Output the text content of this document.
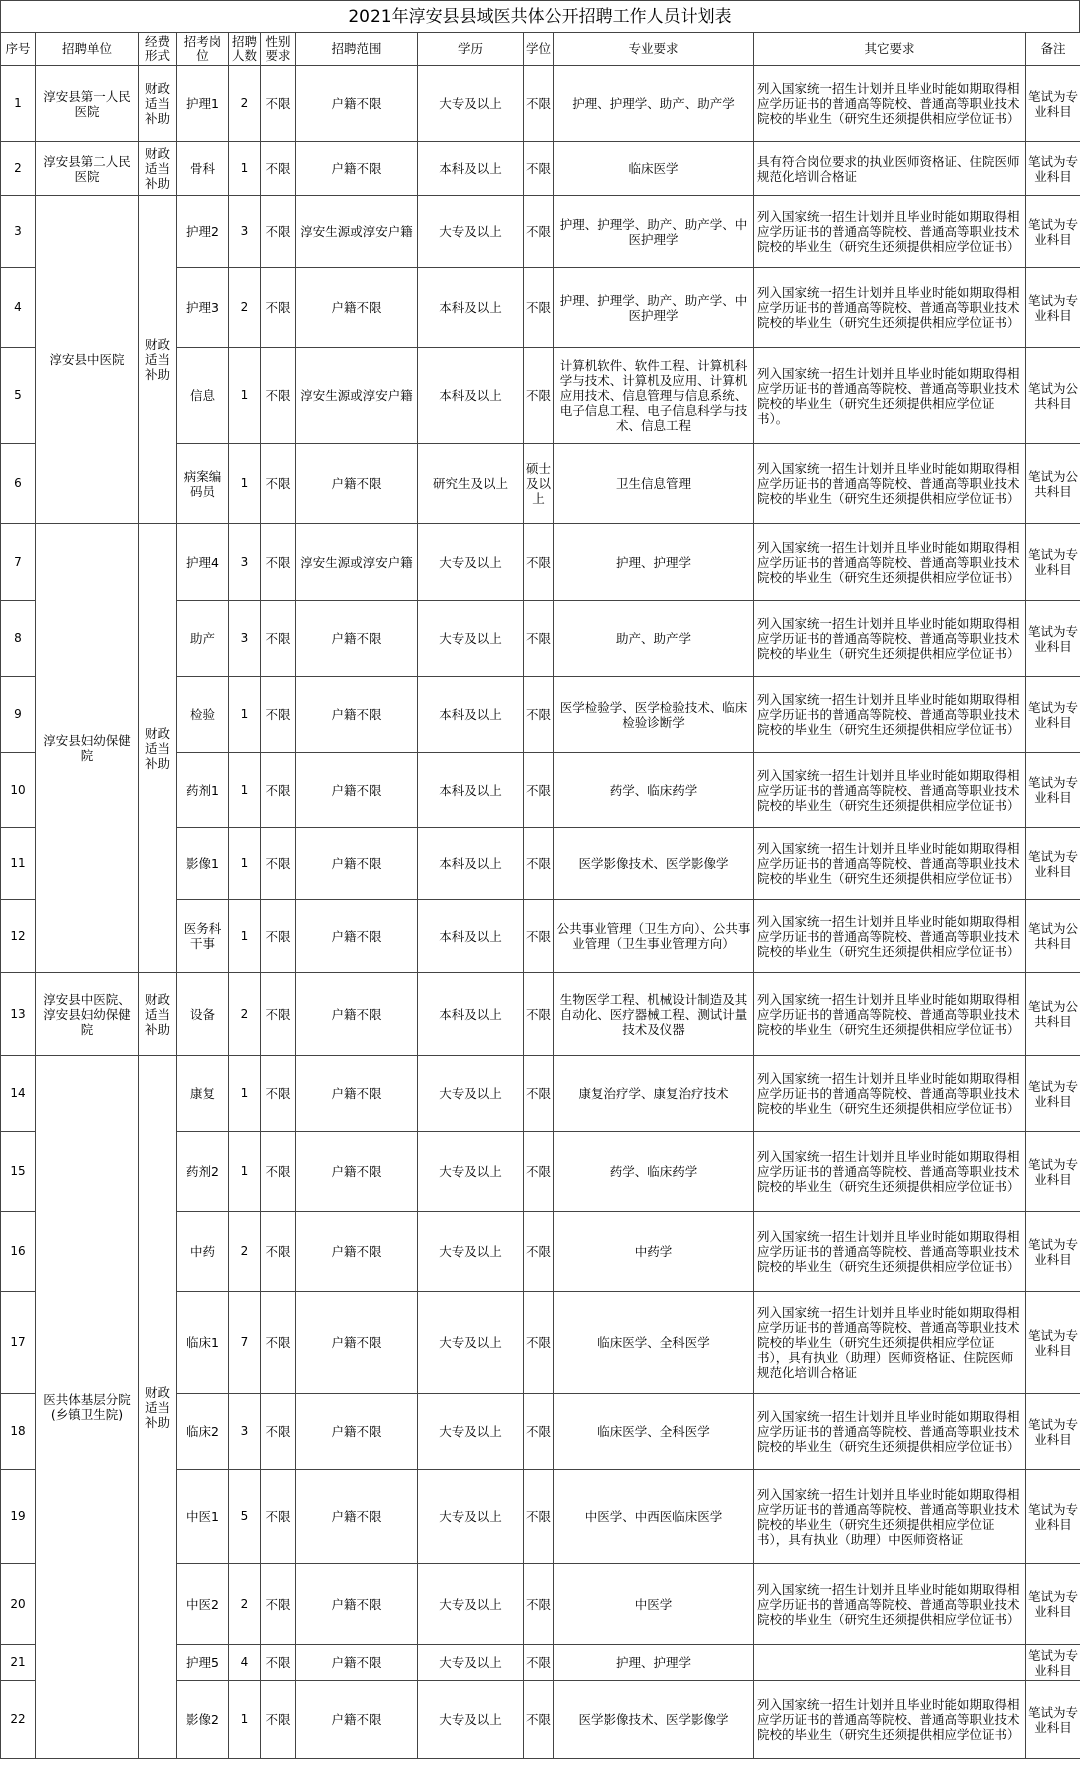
2021年淳安县县域医共体公开招聘工作人员计划表
序号	招聘单位	经费形式	招考岗位	招聘人数	性别要求	招聘范围	学历	学位	专业要求	其它要求	备注
1	淳安县第一人民医院	财政适当补助	护理1	2	不限	户籍不限	大专及以上	不限	护理、护理学、助产、助产学	列入国家统一招生计划并且毕业时能如期取得相应学历证书的普通高等院校、普通高等职业技术院校的毕业生（研究生还须提供相应学位证书）	笔试为专业科目
2	淳安县第二人民医院	财政适当补助	骨科	1	不限	户籍不限	本科及以上	不限	临床医学	具有符合岗位要求的执业医师资格证、住院医师规范化培训合格证	笔试为专业科目
3	淳安县中医院	财政适当补助	护理2	3	不限	淳安生源或淳安户籍	大专及以上	不限	护理、护理学、助产、助产学、中医护理学	列入国家统一招生计划并且毕业时能如期取得相应学历证书的普通高等院校、普通高等职业技术院校的毕业生（研究生还须提供相应学位证书）	笔试为专业科目
4			护理3	2	不限	户籍不限	本科及以上	不限	护理、护理学、助产、助产学、中医护理学	列入国家统一招生计划并且毕业时能如期取得相应学历证书的普通高等院校、普通高等职业技术院校的毕业生（研究生还须提供相应学位证书）	笔试为专业科目
5			信息	1	不限	淳安生源或淳安户籍	本科及以上	不限	计算机软件、软件工程、计算机科学与技术、计算机及应用、计算机应用技术、信息管理与信息系统、电子信息工程、电子信息科学与技术、信息工程	列入国家统一招生计划并且毕业时能如期取得相应学历证书的普通高等院校、普通高等职业技术院校的毕业生（研究生还须提供相应学位证书）。	笔试为公共科目
6			病案编码员	1	不限	户籍不限	研究生及以上	硕士及以上	卫生信息管理	列入国家统一招生计划并且毕业时能如期取得相应学历证书的普通高等院校、普通高等职业技术院校的毕业生（研究生还须提供相应学位证书）	笔试为公共科目
7	淳安县妇幼保健院	财政适当补助	护理4	3	不限	淳安生源或淳安户籍	大专及以上	不限	护理、护理学	列入国家统一招生计划并且毕业时能如期取得相应学历证书的普通高等院校、普通高等职业技术院校的毕业生（研究生还须提供相应学位证书）	笔试为专业科目
8			助产	3	不限	户籍不限	大专及以上	不限	助产、助产学	列入国家统一招生计划并且毕业时能如期取得相应学历证书的普通高等院校、普通高等职业技术院校的毕业生（研究生还须提供相应学位证书）	笔试为专业科目
9			检验	1	不限	户籍不限	本科及以上	不限	医学检验学、医学检验技术、临床检验诊断学	列入国家统一招生计划并且毕业时能如期取得相应学历证书的普通高等院校、普通高等职业技术院校的毕业生（研究生还须提供相应学位证书）	笔试为专业科目
10			药剂1	1	不限	户籍不限	本科及以上	不限	药学、临床药学	列入国家统一招生计划并且毕业时能如期取得相应学历证书的普通高等院校、普通高等职业技术院校的毕业生（研究生还须提供相应学位证书）	笔试为专业科目
11			影像1	1	不限	户籍不限	本科及以上	不限	医学影像技术、医学影像学	列入国家统一招生计划并且毕业时能如期取得相应学历证书的普通高等院校、普通高等职业技术院校的毕业生（研究生还须提供相应学位证书）	笔试为专业科目
12			医务科干事	1	不限	户籍不限	本科及以上	不限	公共事业管理（卫生方向）、公共事业管理（卫生事业管理方向）	列入国家统一招生计划并且毕业时能如期取得相应学历证书的普通高等院校、普通高等职业技术院校的毕业生（研究生还须提供相应学位证书）	笔试为公共科目
13	淳安县中医院、淳安县妇幼保健院	财政适当补助	设备	2	不限	户籍不限	本科及以上	不限	生物医学工程、机械设计制造及其自动化、医疗器械工程、测试计量技术及仪器	列入国家统一招生计划并且毕业时能如期取得相应学历证书的普通高等院校、普通高等职业技术院校的毕业生（研究生还须提供相应学位证书）	笔试为公共科目
14	医共体基层分院(乡镇卫生院)	财政适当补助	康复	1	不限	户籍不限	大专及以上	不限	康复治疗学、康复治疗技术	列入国家统一招生计划并且毕业时能如期取得相应学历证书的普通高等院校、普通高等职业技术院校的毕业生（研究生还须提供相应学位证书）	笔试为专业科目
15			药剂2	1	不限	户籍不限	大专及以上	不限	药学、临床药学	列入国家统一招生计划并且毕业时能如期取得相应学历证书的普通高等院校、普通高等职业技术院校的毕业生（研究生还须提供相应学位证书）	笔试为专业科目
16			中药	2	不限	户籍不限	大专及以上	不限	中药学	列入国家统一招生计划并且毕业时能如期取得相应学历证书的普通高等院校、普通高等职业技术院校的毕业生（研究生还须提供相应学位证书）	笔试为专业科目
17			临床1	7	不限	户籍不限	大专及以上	不限	临床医学、全科医学	列入国家统一招生计划并且毕业时能如期取得相应学历证书的普通高等院校、普通高等职业技术院校的毕业生（研究生还须提供相应学位证书），具有执业（助理）医师资格证、住院医师规范化培训合格证	笔试为专业科目
18			临床2	3	不限	户籍不限	大专及以上	不限	临床医学、全科医学	列入国家统一招生计划并且毕业时能如期取得相应学历证书的普通高等院校、普通高等职业技术院校的毕业生（研究生还须提供相应学位证书）	笔试为专业科目
19			中医1	5	不限	户籍不限	大专及以上	不限	中医学、中西医临床医学	列入国家统一招生计划并且毕业时能如期取得相应学历证书的普通高等院校、普通高等职业技术院校的毕业生（研究生还须提供相应学位证书），具有执业（助理）中医师资格证	笔试为专业科目
20			中医2	2	不限	户籍不限	大专及以上	不限	中医学	列入国家统一招生计划并且毕业时能如期取得相应学历证书的普通高等院校、普通高等职业技术院校的毕业生（研究生还须提供相应学位证书）	笔试为专业科目
21			护理5	4	不限	户籍不限	大专及以上	不限	护理、护理学		笔试为专业科目
22			影像2	1	不限	户籍不限	大专及以上	不限	医学影像技术、医学影像学	列入国家统一招生计划并且毕业时能如期取得相应学历证书的普通高等院校、普通高等职业技术院校的毕业生（研究生还须提供相应学位证书）	笔试为专业科目
